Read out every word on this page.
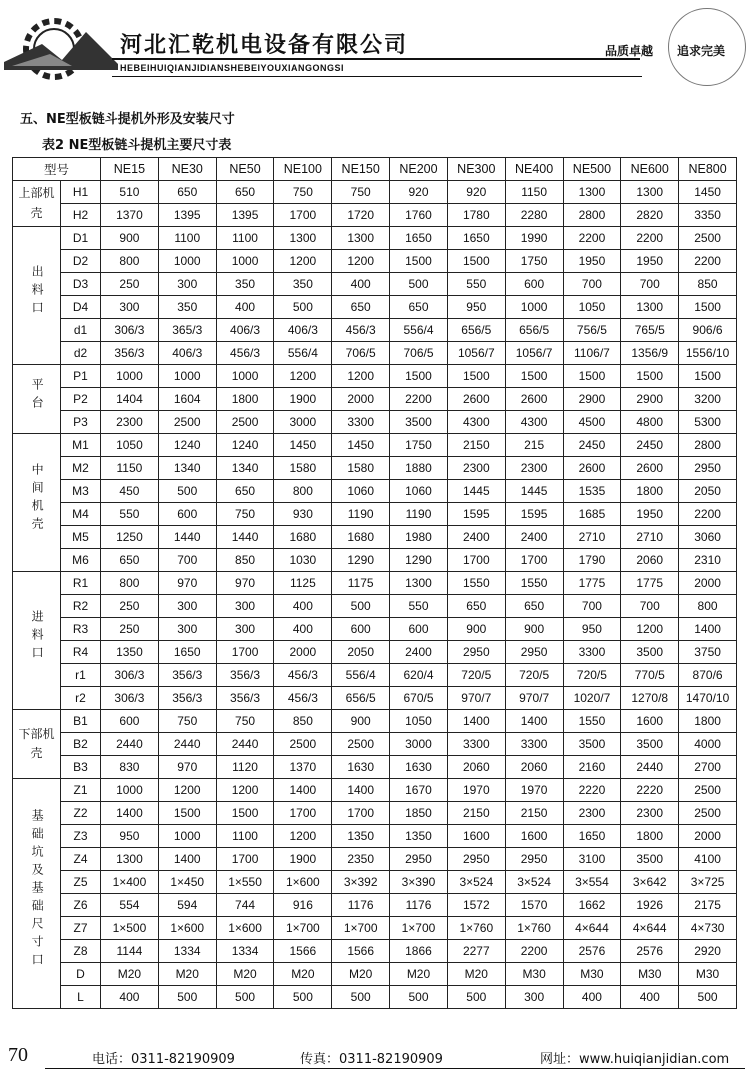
河北汇乾机电设备有限公司
HEBEIHUIQIANJIDIANSHEBEIYOUXIANGONGSI
品质卓越 追求完美
五、NE型板链斗提机外形及安装尺寸
表2 NE型板链斗提机主要尺寸表
型号		NE15	NE30	NE50	NE100	NE150	NE200	NE300	NE400	NE500	NE600	NE800
上部机壳	H1	510	650	650	750	750	920	920	1150	1300	1300	1450
	H2	1370	1395	1395	1700	1720	1760	1780	2280	2800	2820	3350
出料口	D1	900	1100	1100	1300	1300	1650	1650	1990	2200	2200	2500
	D2	800	1000	1000	1200	1200	1500	1500	1750	1950	1950	2200
	D3	250	300	350	350	400	500	550	600	700	700	850
	D4	300	350	400	500	650	650	950	1000	1050	1300	1500
	d1	306/3	365/3	406/3	406/3	456/3	556/4	656/5	656/5	756/5	765/5	906/6
	d2	356/3	406/3	456/3	556/4	706/5	706/5	1056/7	1056/7	1106/7	1356/9	1556/10
平台	P1	1000	1000	1000	1200	1200	1500	1500	1500	1500	1500	1500
	P2	1404	1604	1800	1900	2000	2200	2600	2600	2900	2900	3200
	P3	2300	2500	2500	3000	3300	3500	4300	4300	4500	4800	5300
中间机壳	M1	1050	1240	1240	1450	1450	1750	2150	215	2450	2450	2800
	M2	1150	1340	1340	1580	1580	1880	2300	2300	2600	2600	2950
	M3	450	500	650	800	1060	1060	1445	1445	1535	1800	2050
	M4	550	600	750	930	1190	1190	1595	1595	1685	1950	2200
	M5	1250	1440	1440	1680	1680	1980	2400	2400	2710	2710	3060
	M6	650	700	850	1030	1290	1290	1700	1700	1790	2060	2310
进料口	R1	800	970	970	1125	1175	1300	1550	1550	1775	1775	2000
	R2	250	300	300	400	500	550	650	650	700	700	800
	R3	250	300	300	400	600	600	900	900	950	1200	1400
	R4	1350	1650	1700	2000	2050	2400	2950	2950	3300	3500	3750
	r1	306/3	356/3	356/3	456/3	556/4	620/4	720/5	720/5	720/5	770/5	870/6
	r2	306/3	356/3	356/3	456/3	656/5	670/5	970/7	970/7	1020/7	1270/8	1470/10
下部机壳	B1	600	750	750	850	900	1050	1400	1400	1550	1600	1800
	B2	2440	2440	2440	2500	2500	3000	3300	3300	3500	3500	4000
	B3	830	970	1120	1370	1630	1630	2060	2060	2160	2440	2700
基础坑及基础尺寸口	Z1	1000	1200	1200	1400	1400	1670	1970	1970	2220	2220	2500
	Z2	1400	1500	1500	1700	1700	1850	2150	2150	2300	2300	2500
	Z3	950	1000	1100	1200	1350	1350	1600	1600	1650	1800	2000
	Z4	1300	1400	1700	1900	2350	2950	2950	2950	3100	3500	4100
	Z5	1×400	1×450	1×550	1×600	3×392	3×390	3×524	3×524	3×554	3×642	3×725
	Z6	554	594	744	916	1176	1176	1572	1570	1662	1926	2175
	Z7	1×500	1×600	1×600	1×700	1×700	1×700	1×760	1×760	4×644	4×644	4×730
	Z8	1144	1334	1334	1566	1566	1866	2277	2200	2576	2576	2920
	D	M20	M20	M20	M20	M20	M20	M20	M30	M30	M30	M30
	L	400	500	500	500	500	500	500	300	400	400	500
70	电话：0311-82190909	传真：0311-82190909	网址：www.huiqianjidian.com
